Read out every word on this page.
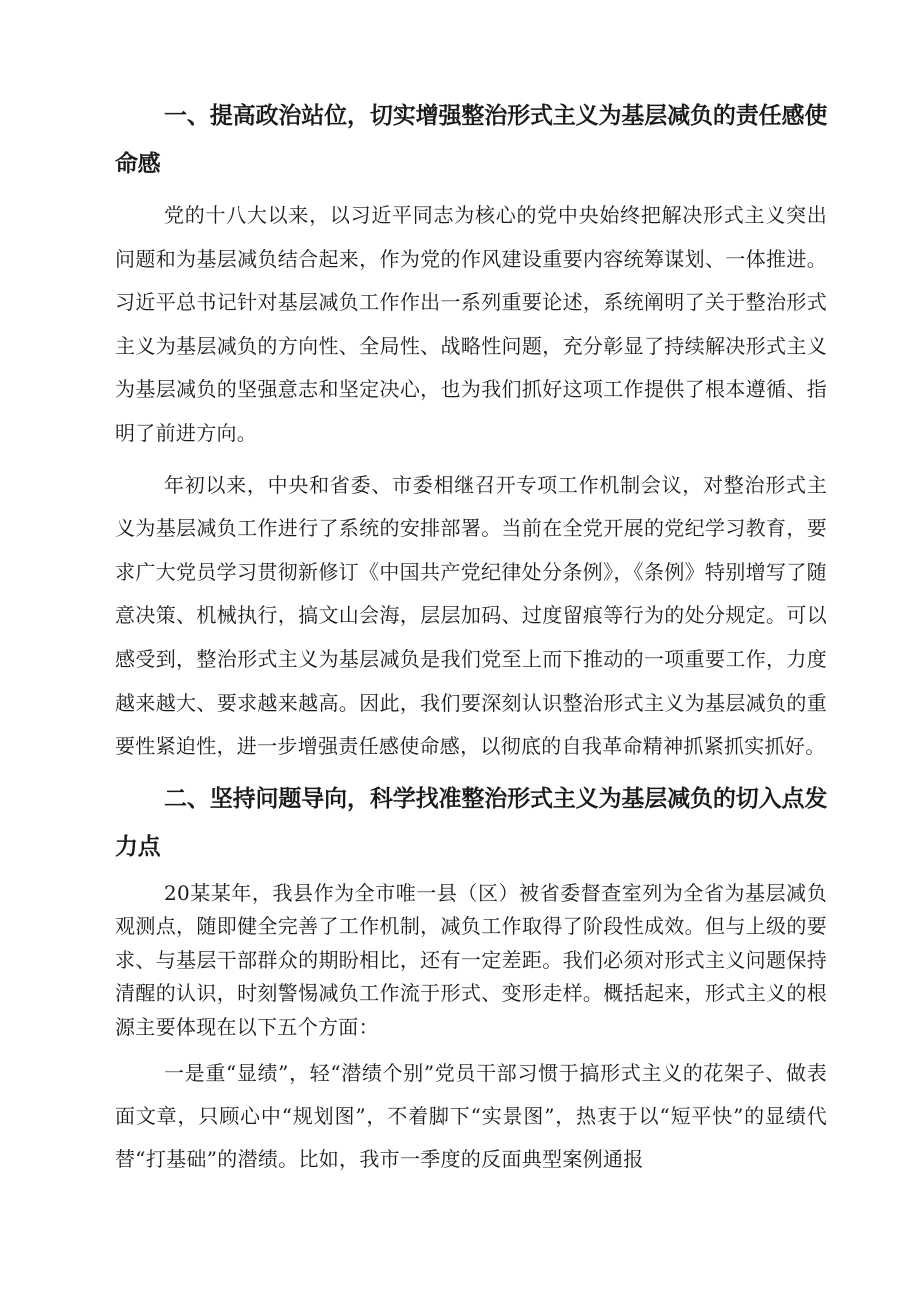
一、提高政治站位，切实增强整治形式主义为基层减负的责任感使命感

党的十八大以来，以习近平同志为核心的党中央始终把解决形式主义突出问题和为基层减负结合起来，作为党的作风建设重要内容统筹谋划、一体推进。习近平总书记针对基层减负工作作出一系列重要论述，系统阐明了关于整治形式主义为基层减负的方向性、全局性、战略性问题，充分彰显了持续解决形式主义为基层减负的坚强意志和坚定决心，也为我们抓好这项工作提供了根本遵循、指明了前进方向。

年初以来，中央和省委、市委相继召开专项工作机制会议，对整治形式主义为基层减负工作进行了系统的安排部署。当前在全党开展的党纪学习教育，要求广大党员学习贯彻新修订《中国共产党纪律处分条例》，《条例》特别增写了随意决策、机械执行，搞文山会海，层层加码、过度留痕等行为的处分规定。可以感受到，整治形式主义为基层减负是我们党至上而下推动的一项重要工作，力度越来越大、要求越来越高。因此，我们要深刻认识整治形式主义为基层减负的重要性紧迫性，进一步增强责任感使命感，以彻底的自我革命精神抓紧抓实抓好。

二、坚持问题导向，科学找准整治形式主义为基层减负的切入点发力点

20某某年，我县作为全市唯一县（区）被省委督查室列为全省为基层减负观测点，随即健全完善了工作机制，减负工作取得了阶段性成效。但与上级的要求、与基层干部群众的期盼相比，还有一定差距。我们必须对形式主义问题保持清醒的认识，时刻警惕减负工作流于形式、变形走样。概括起来，形式主义的根源主要体现在以下五个方面：

一是重“显绩”，轻“潜绩个别”党员干部习惯于搞形式主义的花架子、做表面文章，只顾心中“规划图”，不着脚下“实景图”，热衷于以“短平快”的显绩代替“打基础”的潜绩。比如，我市一季度的反面典型案例通报
